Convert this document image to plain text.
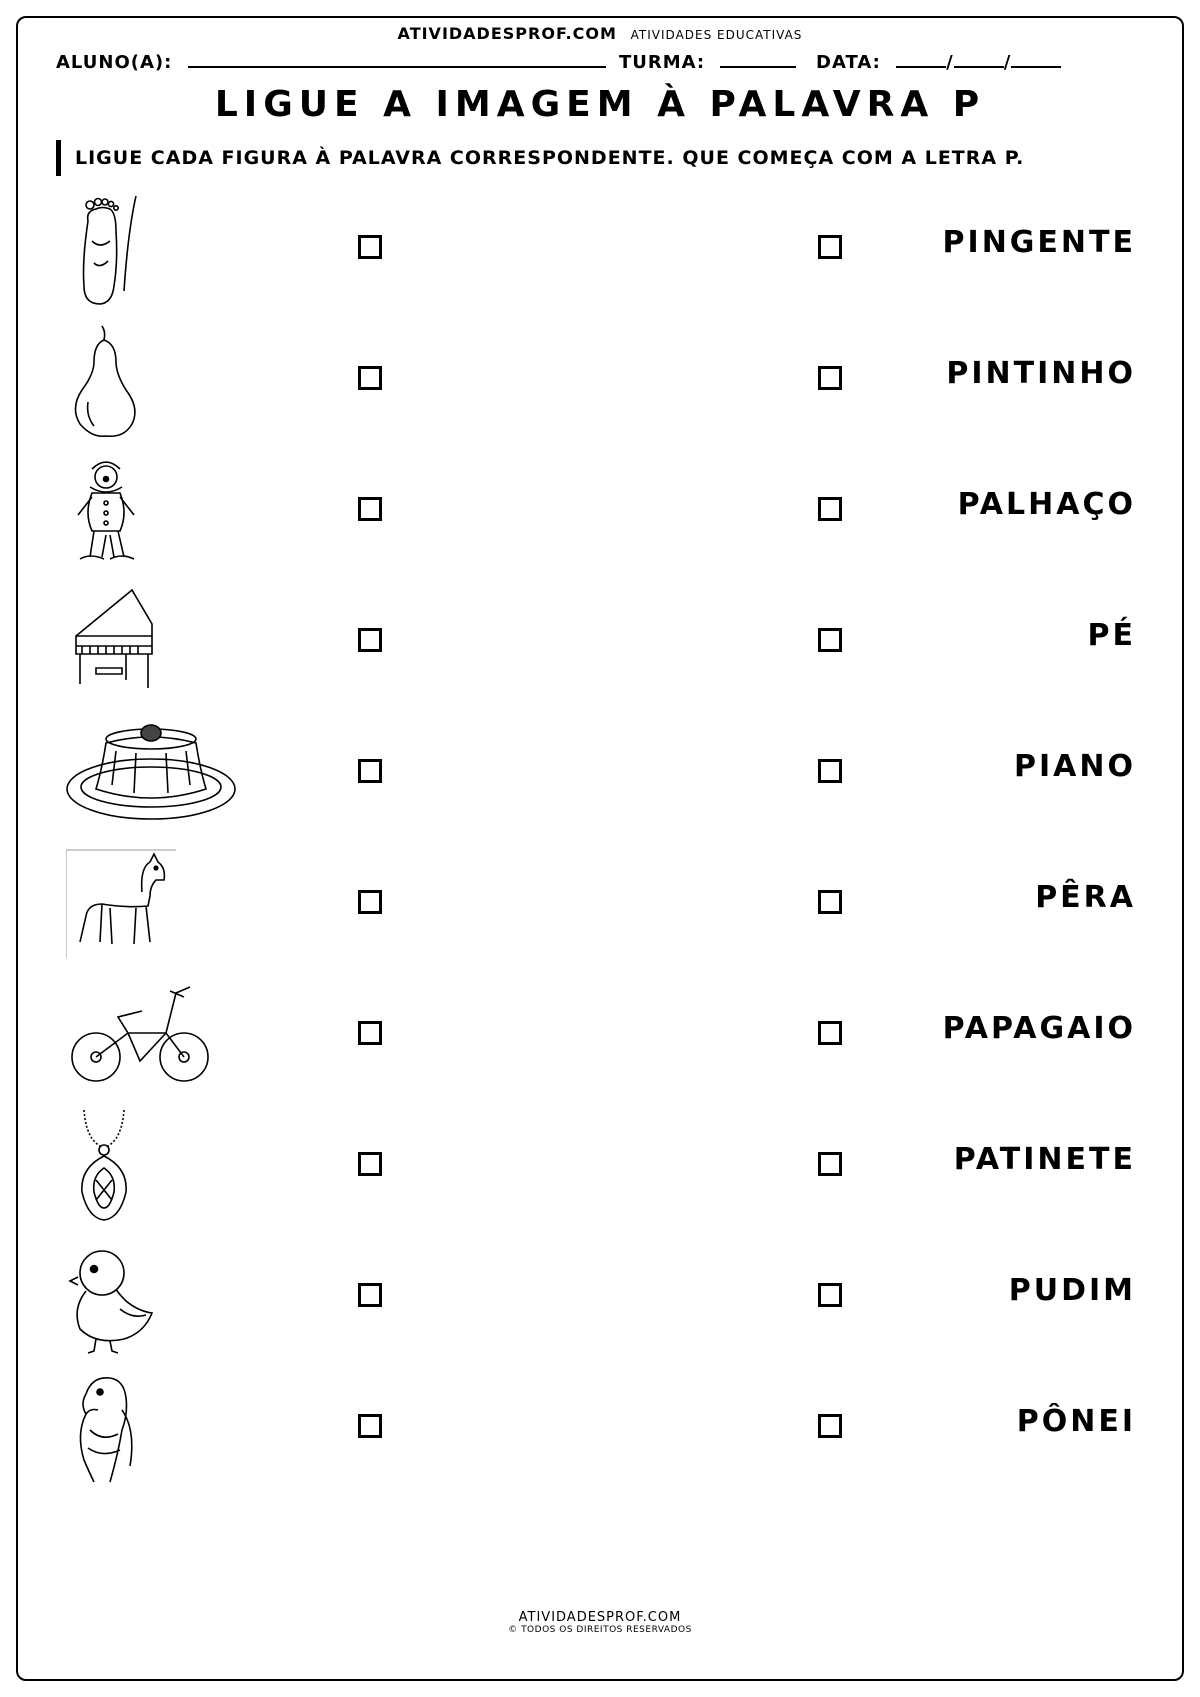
ATIVIDADESPROF.COM ATIVIDADES EDUCATIVAS
ALUNO(A):	TURMA:	DATA:	/	/
LIGUE A IMAGEM À PALAVRA P
LIGUE CADA FIGURA À PALAVRA CORRESPONDENTE. QUE COMEÇA COM A LETRA P.
PINGENTE
PINTINHO
PALHAÇO
PÉ
PIANO
PÊRA
PAPAGAIO
PATINETE
PUDIM
PÔNEI
ATIVIDADESPROF.COM
© TODOS OS DIREITOS RESERVADOS
